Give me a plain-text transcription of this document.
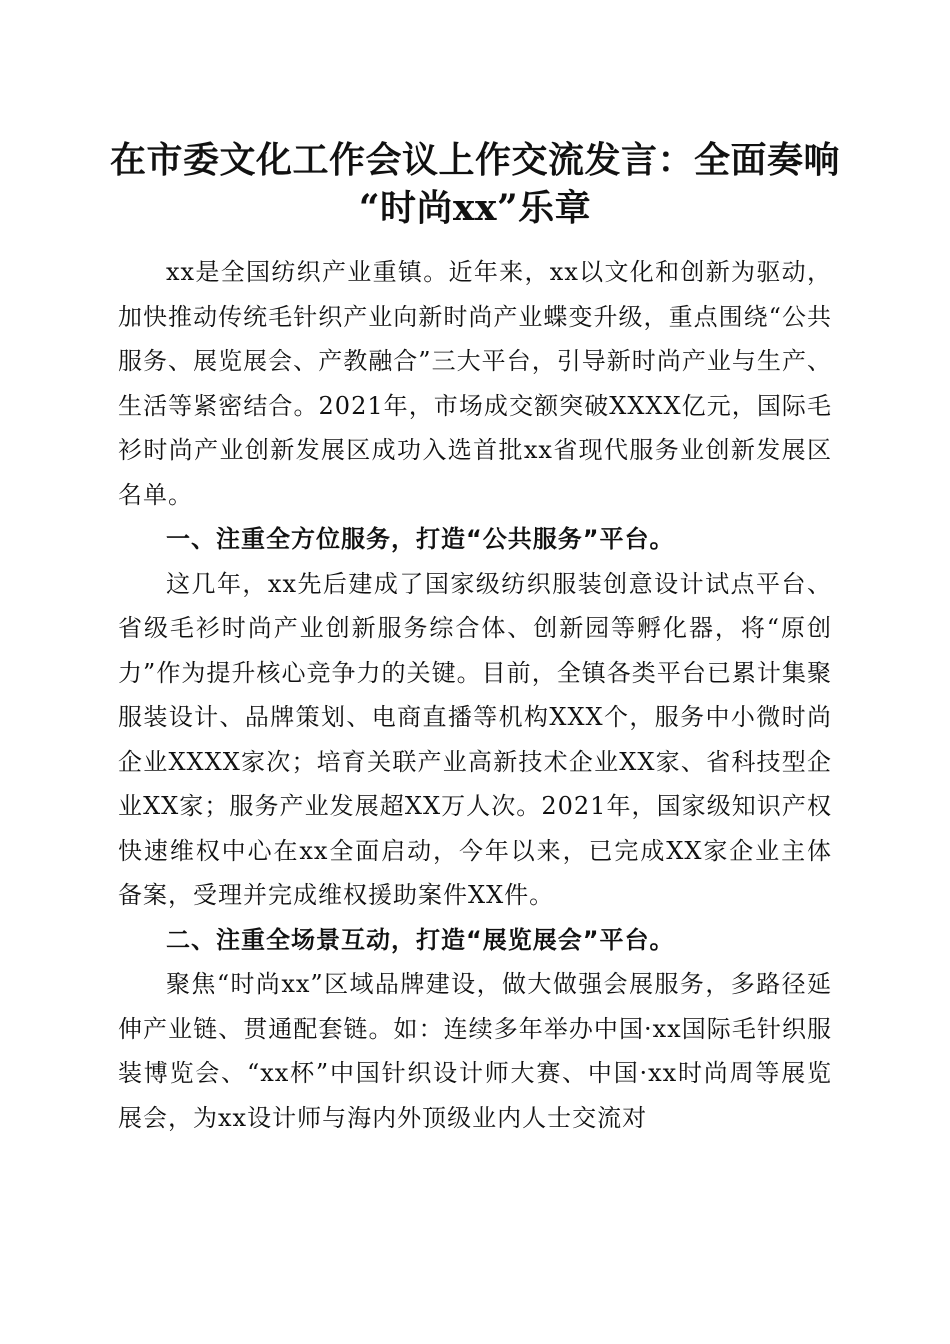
在市委文化工作会议上作交流发言：全面奏响
“时尚xx”乐章

xx是全国纺织产业重镇。近年来，xx以文化和创新为驱动，加快推动传统毛针织产业向新时尚产业蝶变升级，重点围绕“公共服务、展览展会、产教融合”三大平台，引导新时尚产业与生产、生活等紧密结合。2021年，市场成交额突破XXXX亿元，国际毛衫时尚产业创新发展区成功入选首批xx省现代服务业创新发展区名单。

一、注重全方位服务，打造“公共服务”平台。

这几年，xx先后建成了国家级纺织服装创意设计试点平台、省级毛衫时尚产业创新服务综合体、创新园等孵化器，将“原创力”作为提升核心竞争力的关键。目前，全镇各类平台已累计集聚服装设计、品牌策划、电商直播等机构XXX个，服务中小微时尚企业XXXX家次；培育关联产业高新技术企业XX家、省科技型企业XX家；服务产业发展超XX万人次。2021年，国家级知识产权快速维权中心在xx全面启动，今年以来，已完成XX家企业主体备案，受理并完成维权援助案件XX件。

二、注重全场景互动，打造“展览展会”平台。

聚焦“时尚xx”区域品牌建设，做大做强会展服务，多路径延伸产业链、贯通配套链。如：连续多年举办中国·xx国际毛针织服装博览会、“xx杯”中国针织设计师大赛、中国·xx时尚周等展览展会，为xx设计师与海内外顶级业内人士交流对
